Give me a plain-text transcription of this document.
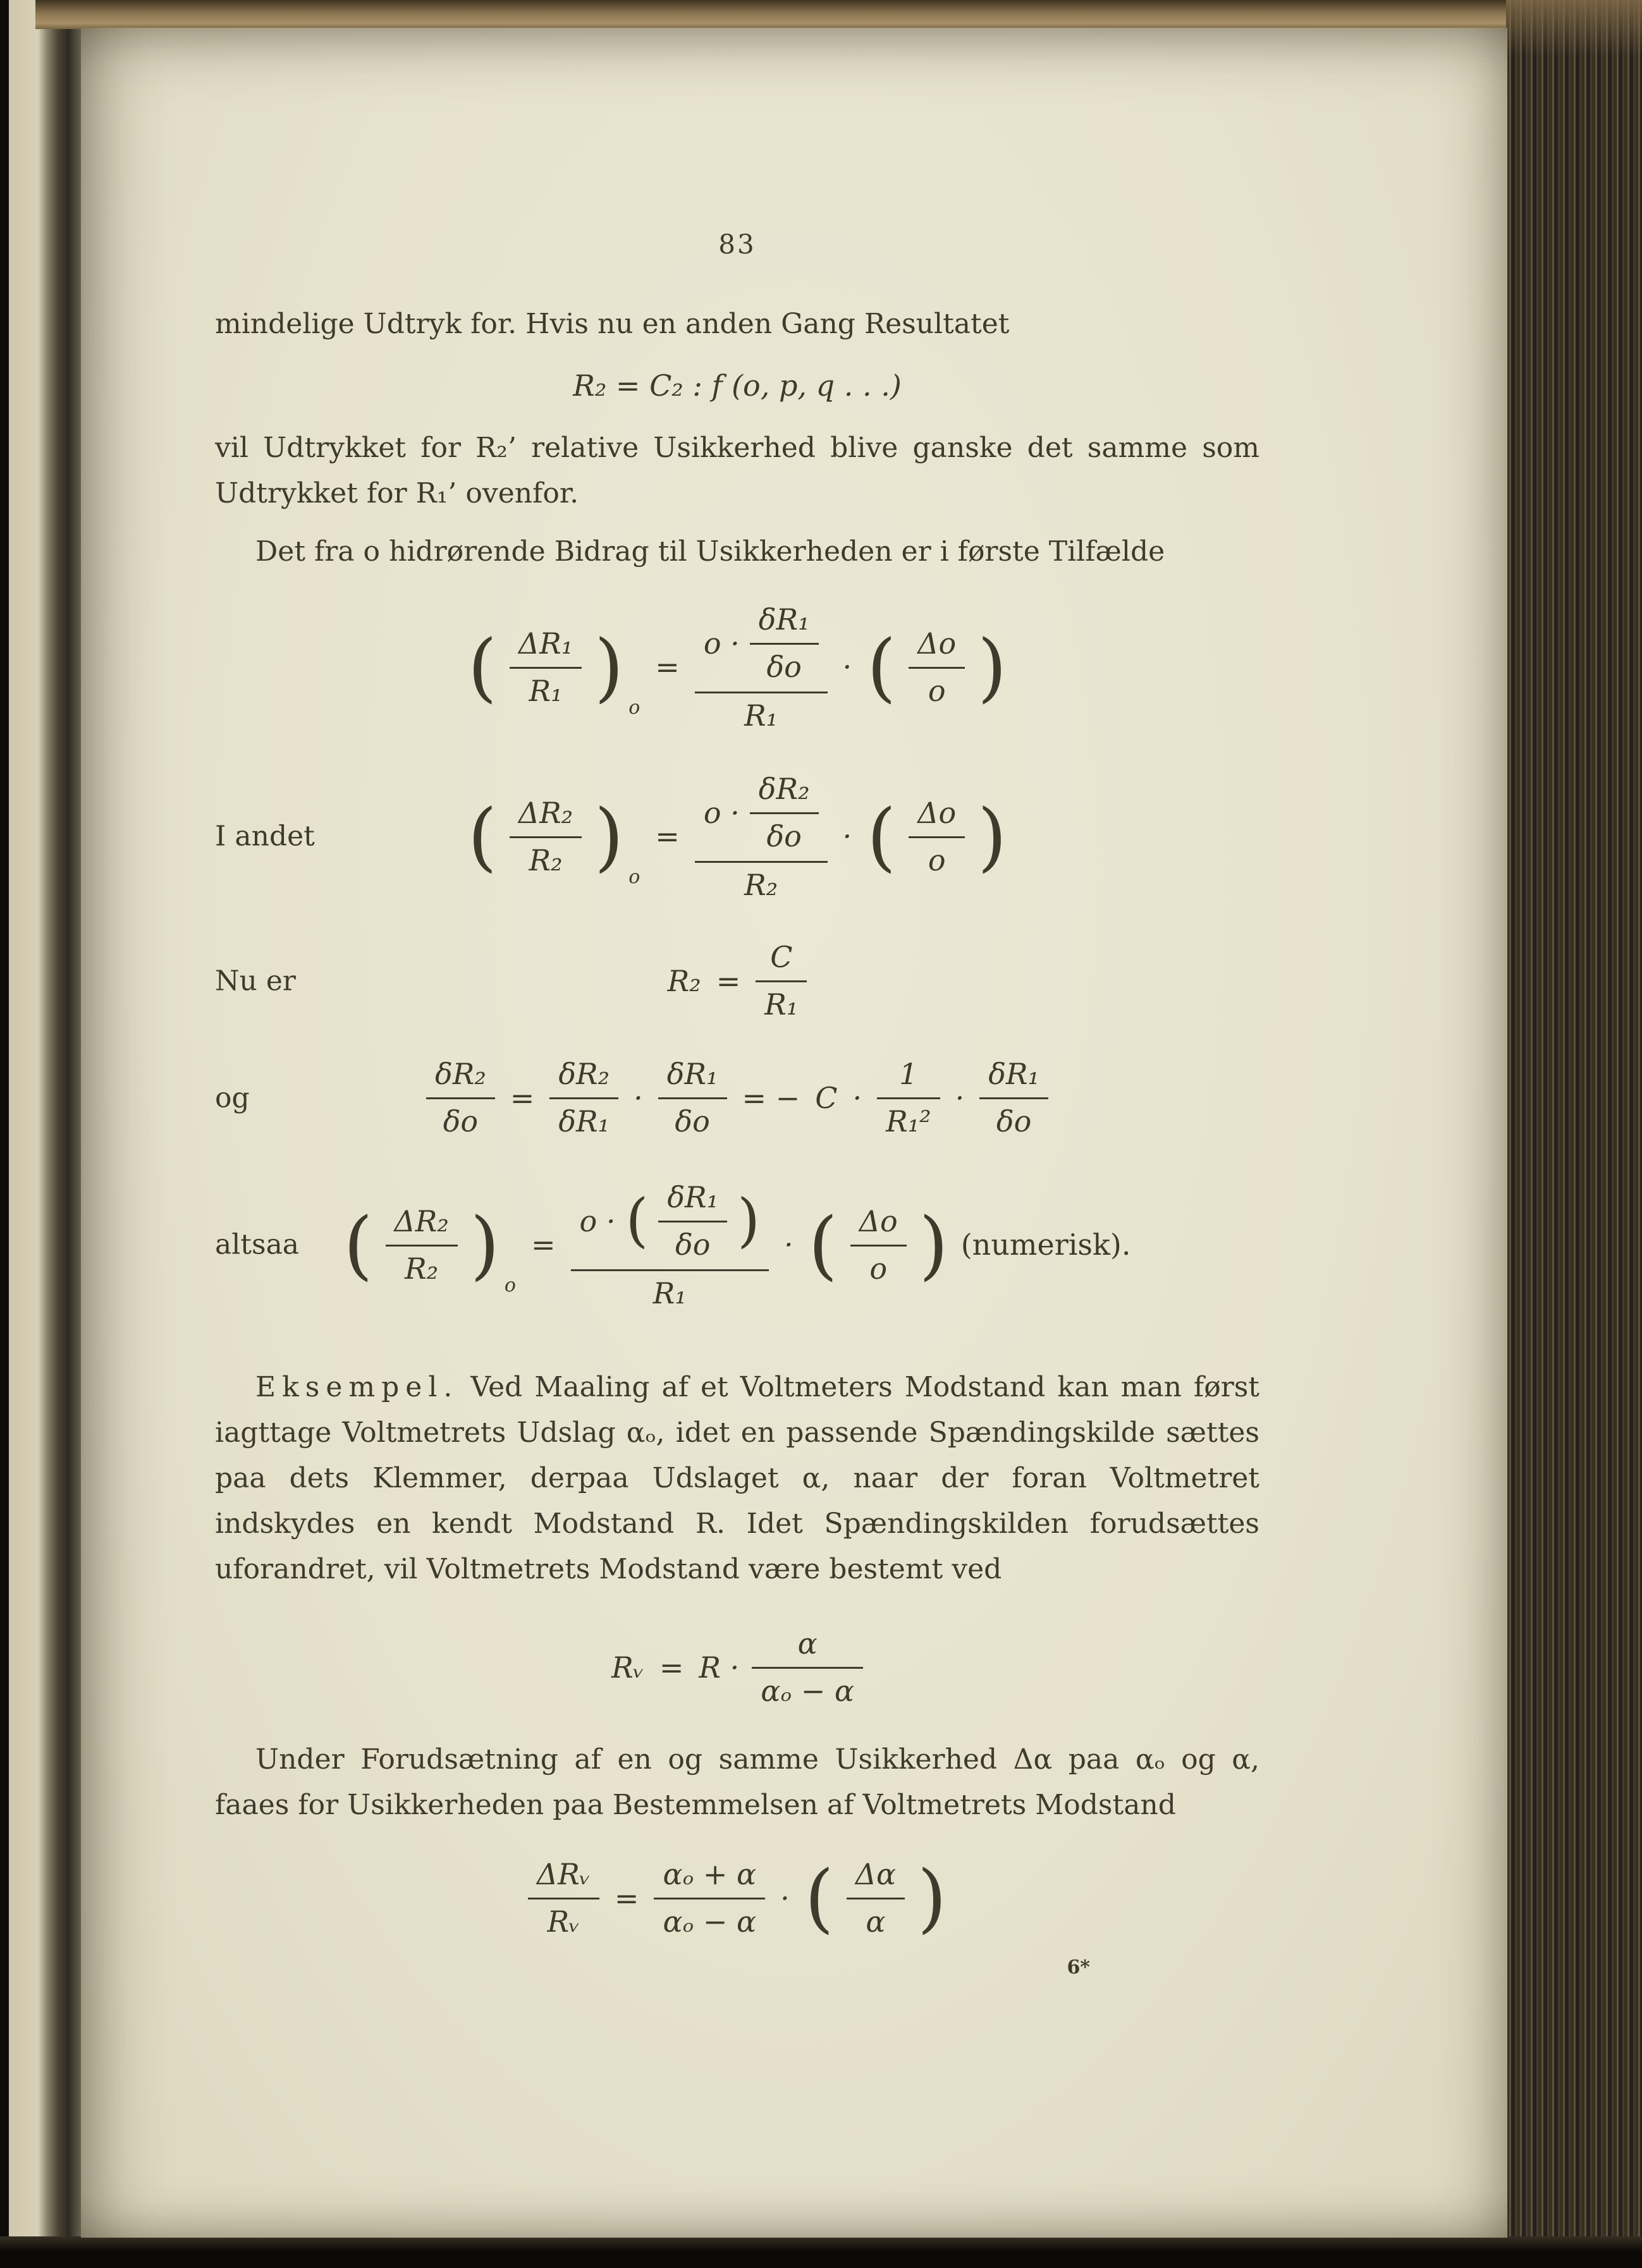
83

mindelige Udtryk for. Hvis nu en anden Gang Resultatet

R₂ = C₂ : f (o, p, q . . .)

vil Udtrykket for R₂’ relative Usikkerhed blive ganske det samme som Udtrykket for R₁’ ovenfor.

Det fra o hidrørende Bidrag til Usikkerheden er i første Tilfælde

( $\frac{\text{ΔR₁}}{\text{R₁}}$ ) o
= $\frac{o \cdot \frac{\text{δR₁}}{\delta o}}{\text{R₁}}$ · ( $\frac{\Delta o}{o}$ )
I andet ( $\frac{\text{ΔR₂}}{\text{R₂}}$ ) o
= $\frac{o \cdot \frac{\text{δR₂}}{\delta o}}{\text{R₂}}$ · ( $\frac{\Delta o}{o}$ )
Nu er	$R_2 = \frac{C}{\text{R₁}}$
og	$\frac{\text{δR₂}}{\delta o} = \frac{\text{δR₂}}{\text{δR₁}} \cdot \frac{\text{δR₁}}{\delta o}$ = − $C \cdot \frac{1}{\text{R₁²}} \cdot \frac{\text{δR₁}}{\delta o}$
altsaa ( $\frac{\text{ΔR₂}}{\text{R₂}}$ ) o
=
o · ( $\frac{\text{δR₁}}{\delta o}$ )
R₁
· ( $\frac{\Delta o}{o}$ ) (numerisk).

Eksempel. Ved Maaling af et Voltmeters Modstand kan man først iagttage Voltmetrets Udslag αₒ, idet en passende Spændingskilde sættes paa dets Klemmer, derpaa Udslaget α, naar der foran Voltmetret indskydes en kendt Modstand R. Idet Spændingskilden forudsættes uforandret, vil Voltmetrets Modstand være bestemt ved

Rᵥ = $R \cdot \frac{\alpha}{\text{αₒ − α}}$

Under Forudsætning af en og samme Usikkerhed Δα paa αₒ og α, faaes for Usikkerheden paa Bestemmelsen af Voltmetrets Modstand

$\frac{\text{ΔRᵥ}}{\text{Rᵥ}} = \frac{\text{αₒ + α}}{\text{αₒ − α}}$ · ( $\frac{\Delta\alpha}{\alpha}$ )
6*
